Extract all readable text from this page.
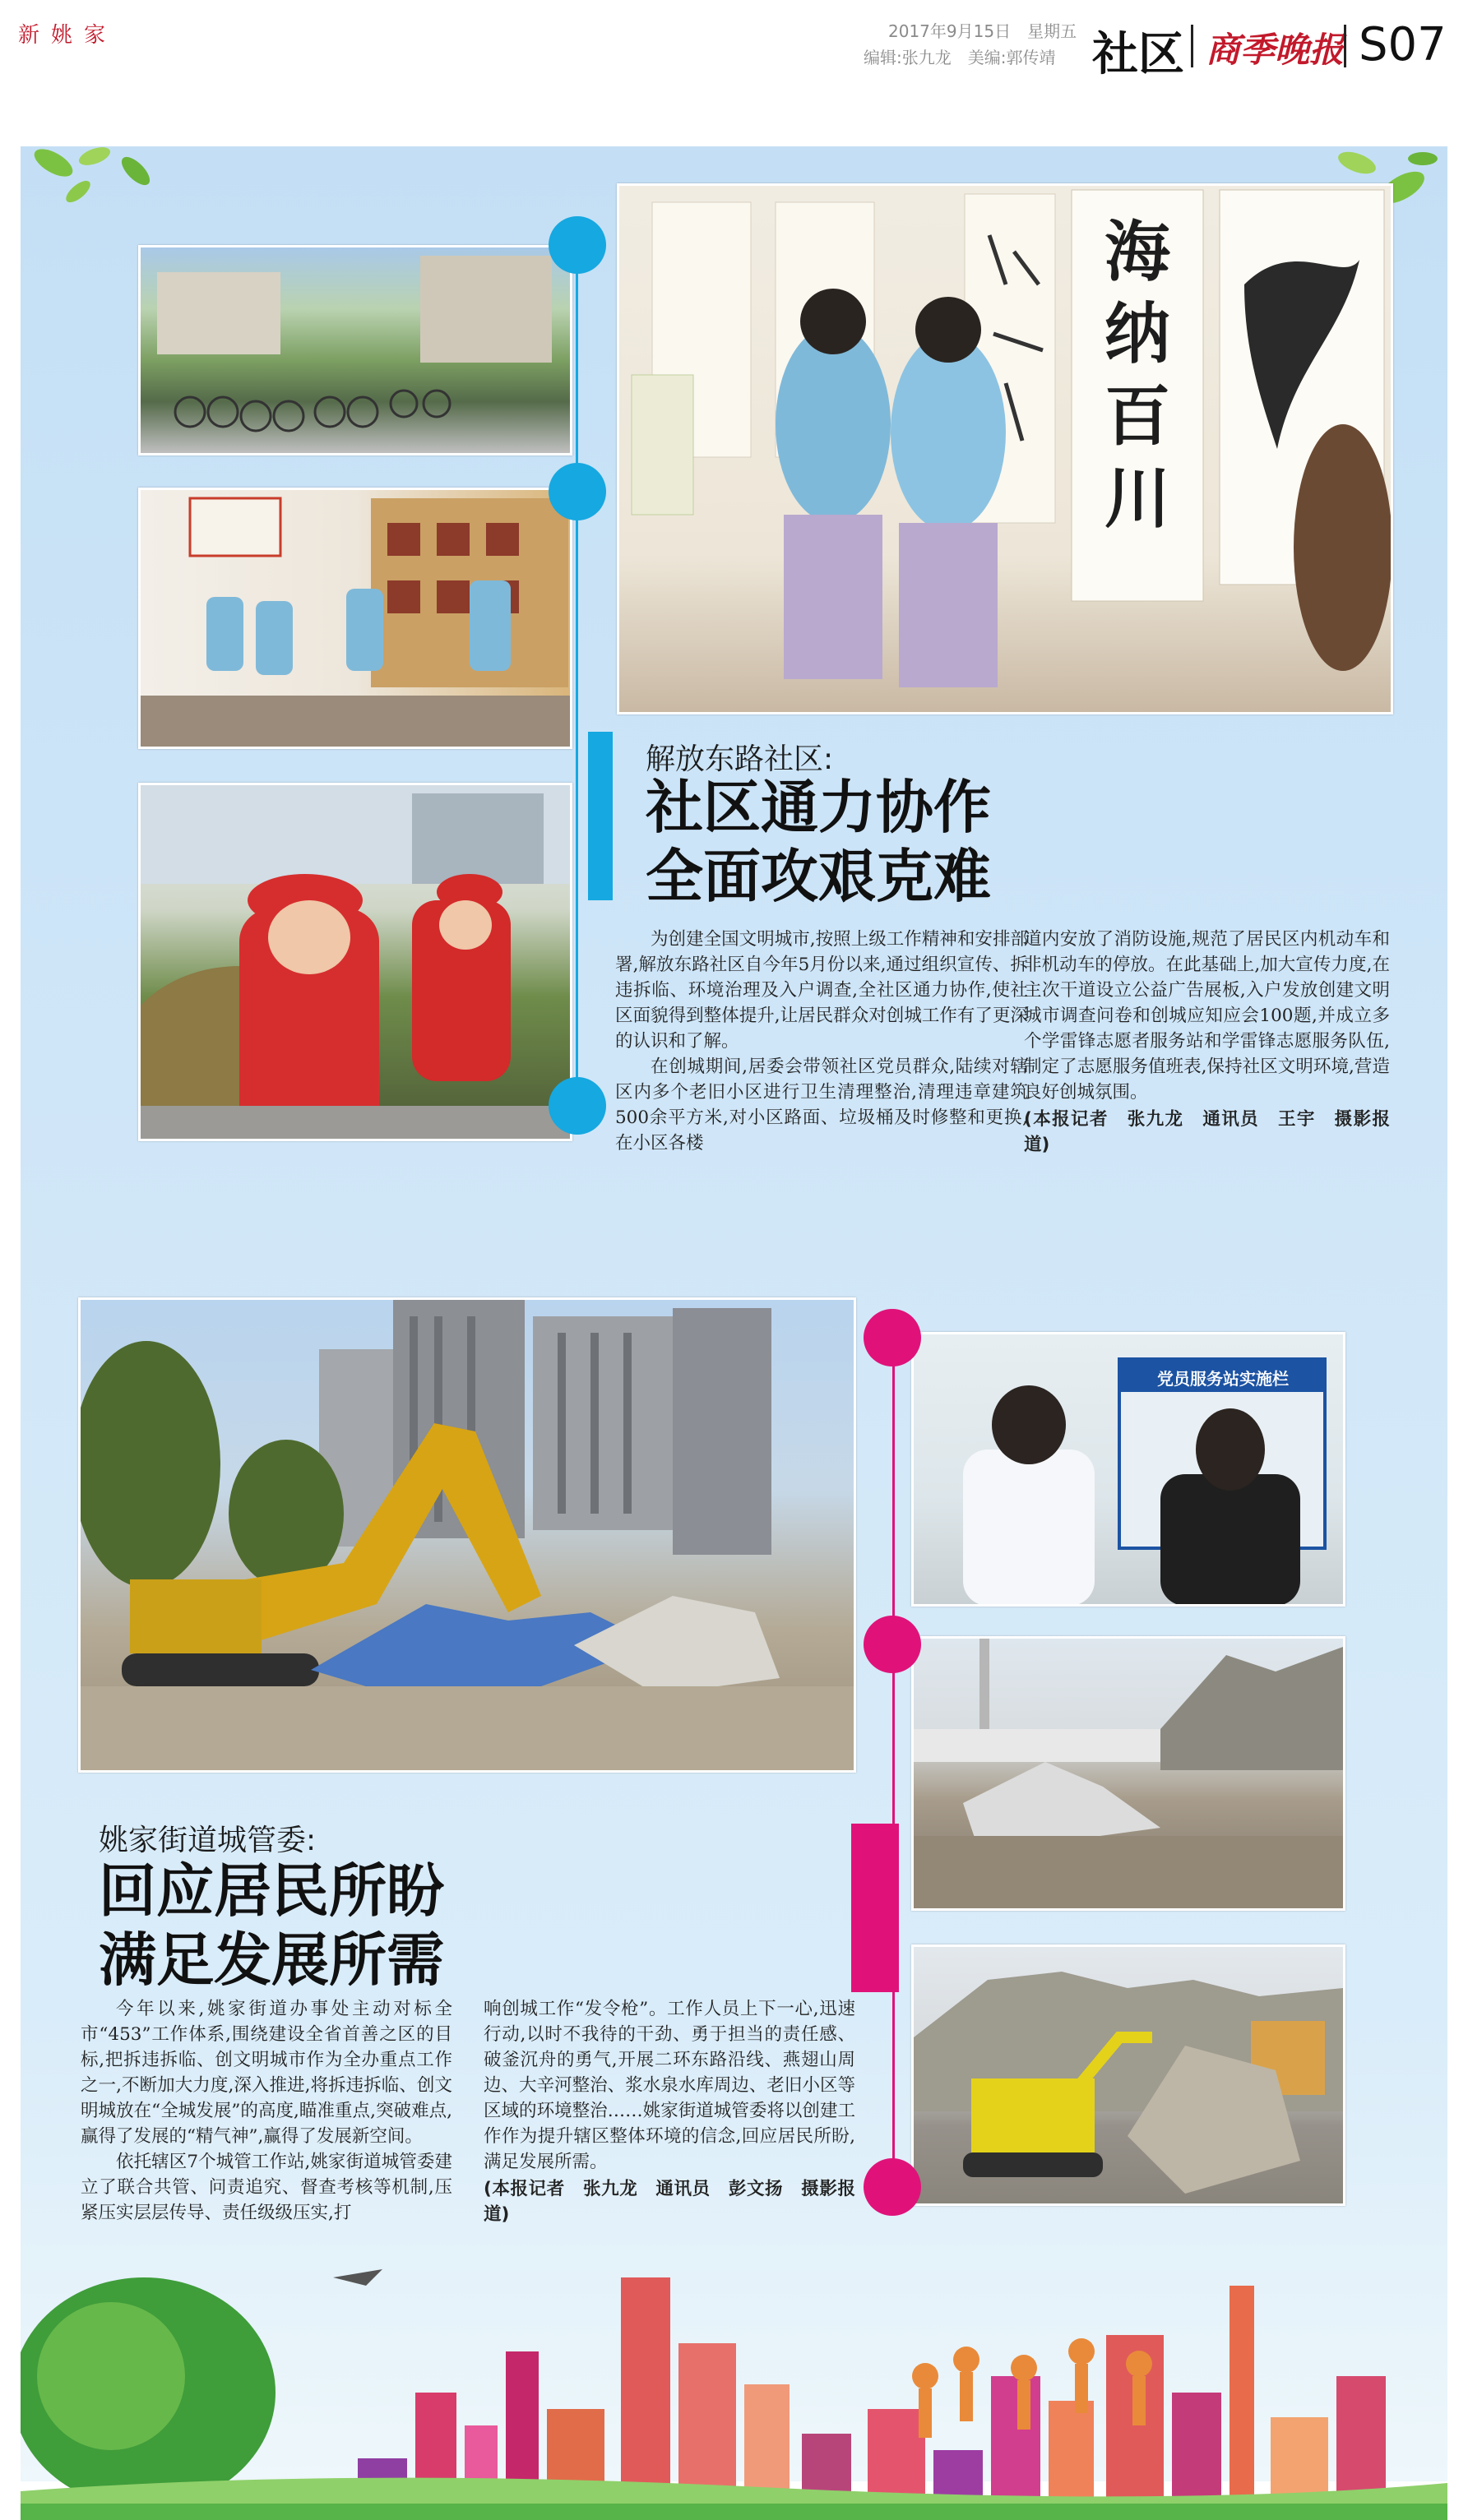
新姚家	2017年9月15日　星期五
编辑:张九龙　美编:郭传靖 社区 商季晚报 S07
海纳百川
解放东路社区:
社区通力协作
全面攻艰克难

为创建全国文明城市,按照上级工作精神和安排部署,解放东路社区自今年5月份以来,通过组织宣传、拆违拆临、环境治理及入户调查,全社区通力协作,使社区面貌得到整体提升,让居民群众对创城工作有了更深的认识和了解。

在创城期间,居委会带领社区党员群众,陆续对辖区内多个老旧小区进行卫生清理整治,清理违章建筑500余平方米,对小区路面、垃圾桶及时修整和更换,在小区各楼

道内安放了消防设施,规范了居民区内机动车和非机动车的停放。在此基础上,加大宣传力度,在主次干道设立公益广告展板,入户发放创建文明城市调查问卷和创城应知应会100题,并成立多个学雷锋志愿者服务站和学雷锋志愿服务队伍,制定了志愿服务值班表,保持社区文明环境,营造良好创城氛围。
(本报记者　张九龙　通讯员　王宇　摄影报道)
党员服务站实施栏
姚家街道城管委:
回应居民所盼
满足发展所需

今年以来,姚家街道办事处主动对标全市“453”工作体系,围绕建设全省首善之区的目标,把拆违拆临、创文明城市作为全办重点工作之一,不断加大力度,深入推进,将拆违拆临、创文明城放在“全城发展”的高度,瞄准重点,突破难点,赢得了发展的“精气神”,赢得了发展新空间。

依托辖区7个城管工作站,姚家街道城管委建立了联合共管、问责追究、督查考核等机制,压紧压实层层传导、责任级级压实,打

响创城工作“发令枪”。工作人员上下一心,迅速行动,以时不我待的干劲、勇于担当的责任感、破釜沉舟的勇气,开展二环东路沿线、燕翅山周边、大辛河整治、浆水泉水库周边、老旧小区等区域的环境整治……姚家街道城管委将以创建工作作为提升辖区整体环境的信念,回应居民所盼,满足发展所需。
(本报记者　张九龙　通讯员　彭文扬　摄影报道)
